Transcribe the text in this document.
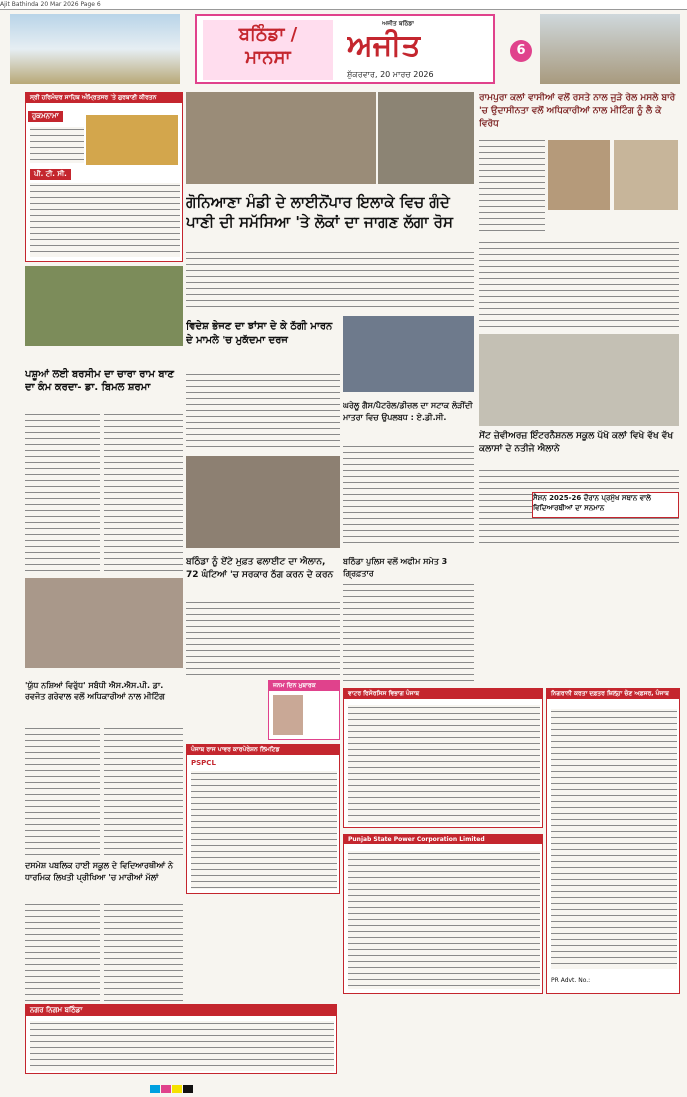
Ajit Bathinda 20 Mar 2026 Page 6
ਬਠਿੰਡਾ /
ਮਾਨਸਾ
ਅਜੀਤ ਬਠਿੰਡਾ
ਅਜੀਤ
ਸ਼ੁੱਕਰਵਾਰ, 20 ਮਾਰਚ 2026
6
ਸ੍ਰੀ ਹਰਿਮੰਦਰ ਸਾਹਿਬ ਅੰਮ੍ਰਿਤਸਰ 'ਤੇ ਗੁਰਬਾਣੀ ਕੀਰਤਨ
ਹੁਕਮਨਾਮਾ
ਪੀ. ਟੀ. ਸੀ.
ਪਸ਼ੂਆਂ ਲਈ ਬਰਸੀਮ ਦਾ ਚਾਰਾ ਰਾਮ ਬਾਣ ਦਾ ਕੰਮ ਕਰਦਾ- ਡਾ. ਬਿਮਲ ਸ਼ਰਮਾ
'ਯੁੱਧ ਨਸ਼ਿਆਂ ਵਿਰੁੱਧ' ਸਬੰਧੀ ਐਸ.ਐਸ.ਪੀ. ਡਾ. ਰਵਜੋਤ ਗਰੇਵਾਲ ਵਲੋਂ ਅਧਿਕਾਰੀਆਂ ਨਾਲ ਮੀਟਿੰਗ
ਦਸਮੇਸ਼ ਪਬਲਿਕ ਹਾਈ ਸਕੂਲ ਦੇ ਵਿਦਿਆਰਥੀਆਂ ਨੇ ਧਾਰਮਿਕ ਲਿਖਤੀ ਪ੍ਰੀਖਿਆ 'ਚ ਮਾਰੀਆਂ ਮੱਲਾਂ
ਗੋਨਿਆਣਾ ਮੰਡੀ ਦੇ ਲਾਈਨੋਂਪਾਰ ਇਲਾਕੇ ਵਿਚ ਗੰਦੇ ਪਾਣੀ ਦੀ ਸਮੱਸਿਆ 'ਤੇ ਲੋਕਾਂ ਦਾ ਜਾਗਣ ਲੱਗਾ ਰੋਸ
ਰਾਮਪੁਰਾ ਕਲਾਂ ਵਾਸੀਆਂ ਵਲੋਂ ਰਸਤੇ ਨਾਲ ਜੁੜੇ ਰੇਲ ਮਸਲੇ ਬਾਰੇ 'ਚ ਉਦਾਸੀਨਤਾ ਵਲੋਂ ਅਧਿਕਾਰੀਆਂ ਨਾਲ ਮੀਟਿੰਗ ਨੂੰ ਲੈ ਕੇ ਵਿਰੋਧ
ਵਿਦੇਸ਼ ਭੇਜਣ ਦਾ ਝਾਂਸਾ ਦੇ ਕੇ ਠੱਗੀ ਮਾਰਨ ਦੇ ਮਾਮਲੇ 'ਚ ਮੁਕੱਦਮਾ ਦਰਜ
ਘਰੇਲੂ ਗੈਸ/ਪੈਟਰੋਲ/ਡੀਜ਼ਲ ਦਾ ਸਟਾਕ ਲੋੜੀਂਦੀ ਮਾਤਰਾ ਵਿਚ ਉਪਲਬਧ : ਏ.ਡੀ.ਸੀ.
ਸੇਂਟ ਜ਼ੇਵੀਅਰਜ਼ ਇੰਟਰਨੈਸ਼ਨਲ ਸਕੂਲ ਪੱਖੋ ਕਲਾਂ ਵਿਖੇ ਵੱਖ ਵੱਖ ਕਲਾਸਾਂ ਦੇ ਨਤੀਜੇ ਐਲਾਨੇ
ਸੈਸ਼ਨ 2025-26 ਦੌਰਾਨ ਪ੍ਰਮੁੱਖ ਸਥਾਨ ਵਾਲੇ ਵਿਦਿਆਰਥੀਆਂ ਦਾ ਸਨਮਾਨ
ਬਠਿੰਡਾ ਨੂੰ ਏਂਟੇ ਮੁਫ਼ਤ ਫਲਾਈਟ ਦਾ ਐਲਾਨ, 72 ਘੰਟਿਆਂ 'ਚ ਸਰਕਾਰ ਠੱਗ ਕਰਨ ਦੇ ਕਰਨ
ਬਠਿੰਡਾ ਪੁਲਿਸ ਵਲੋਂ ਅਫੀਮ ਸਮੇਤ 3 ਗ੍ਰਿਫ਼ਤਾਰ
ਜਨਮ ਦਿਨ ਮੁਬਾਰਕ
ਪੰਜਾਬ ਰਾਜ ਪਾਵਰ ਕਾਰਪੋਰੇਸ਼ਨ ਲਿਮਟਿਡ
PSPCL
ਵਾਟਰ ਰਿਸੋਰਸਿਸ ਵਿਭਾਗ ਪੰਜਾਬ
Punjab State Power Corporation Limited
ਨਿਗਰਾਨੀ ਕਰਤਾ ਦਫ਼ਤਰ ਜ਼ਿਲ੍ਹਾ ਚੋਣ ਅਫ਼ਸਰ, ਪੰਜਾਬ
PR Advt. No.:
ਨਗਰ ਨਿਗਮ ਬਠਿੰਡਾ
